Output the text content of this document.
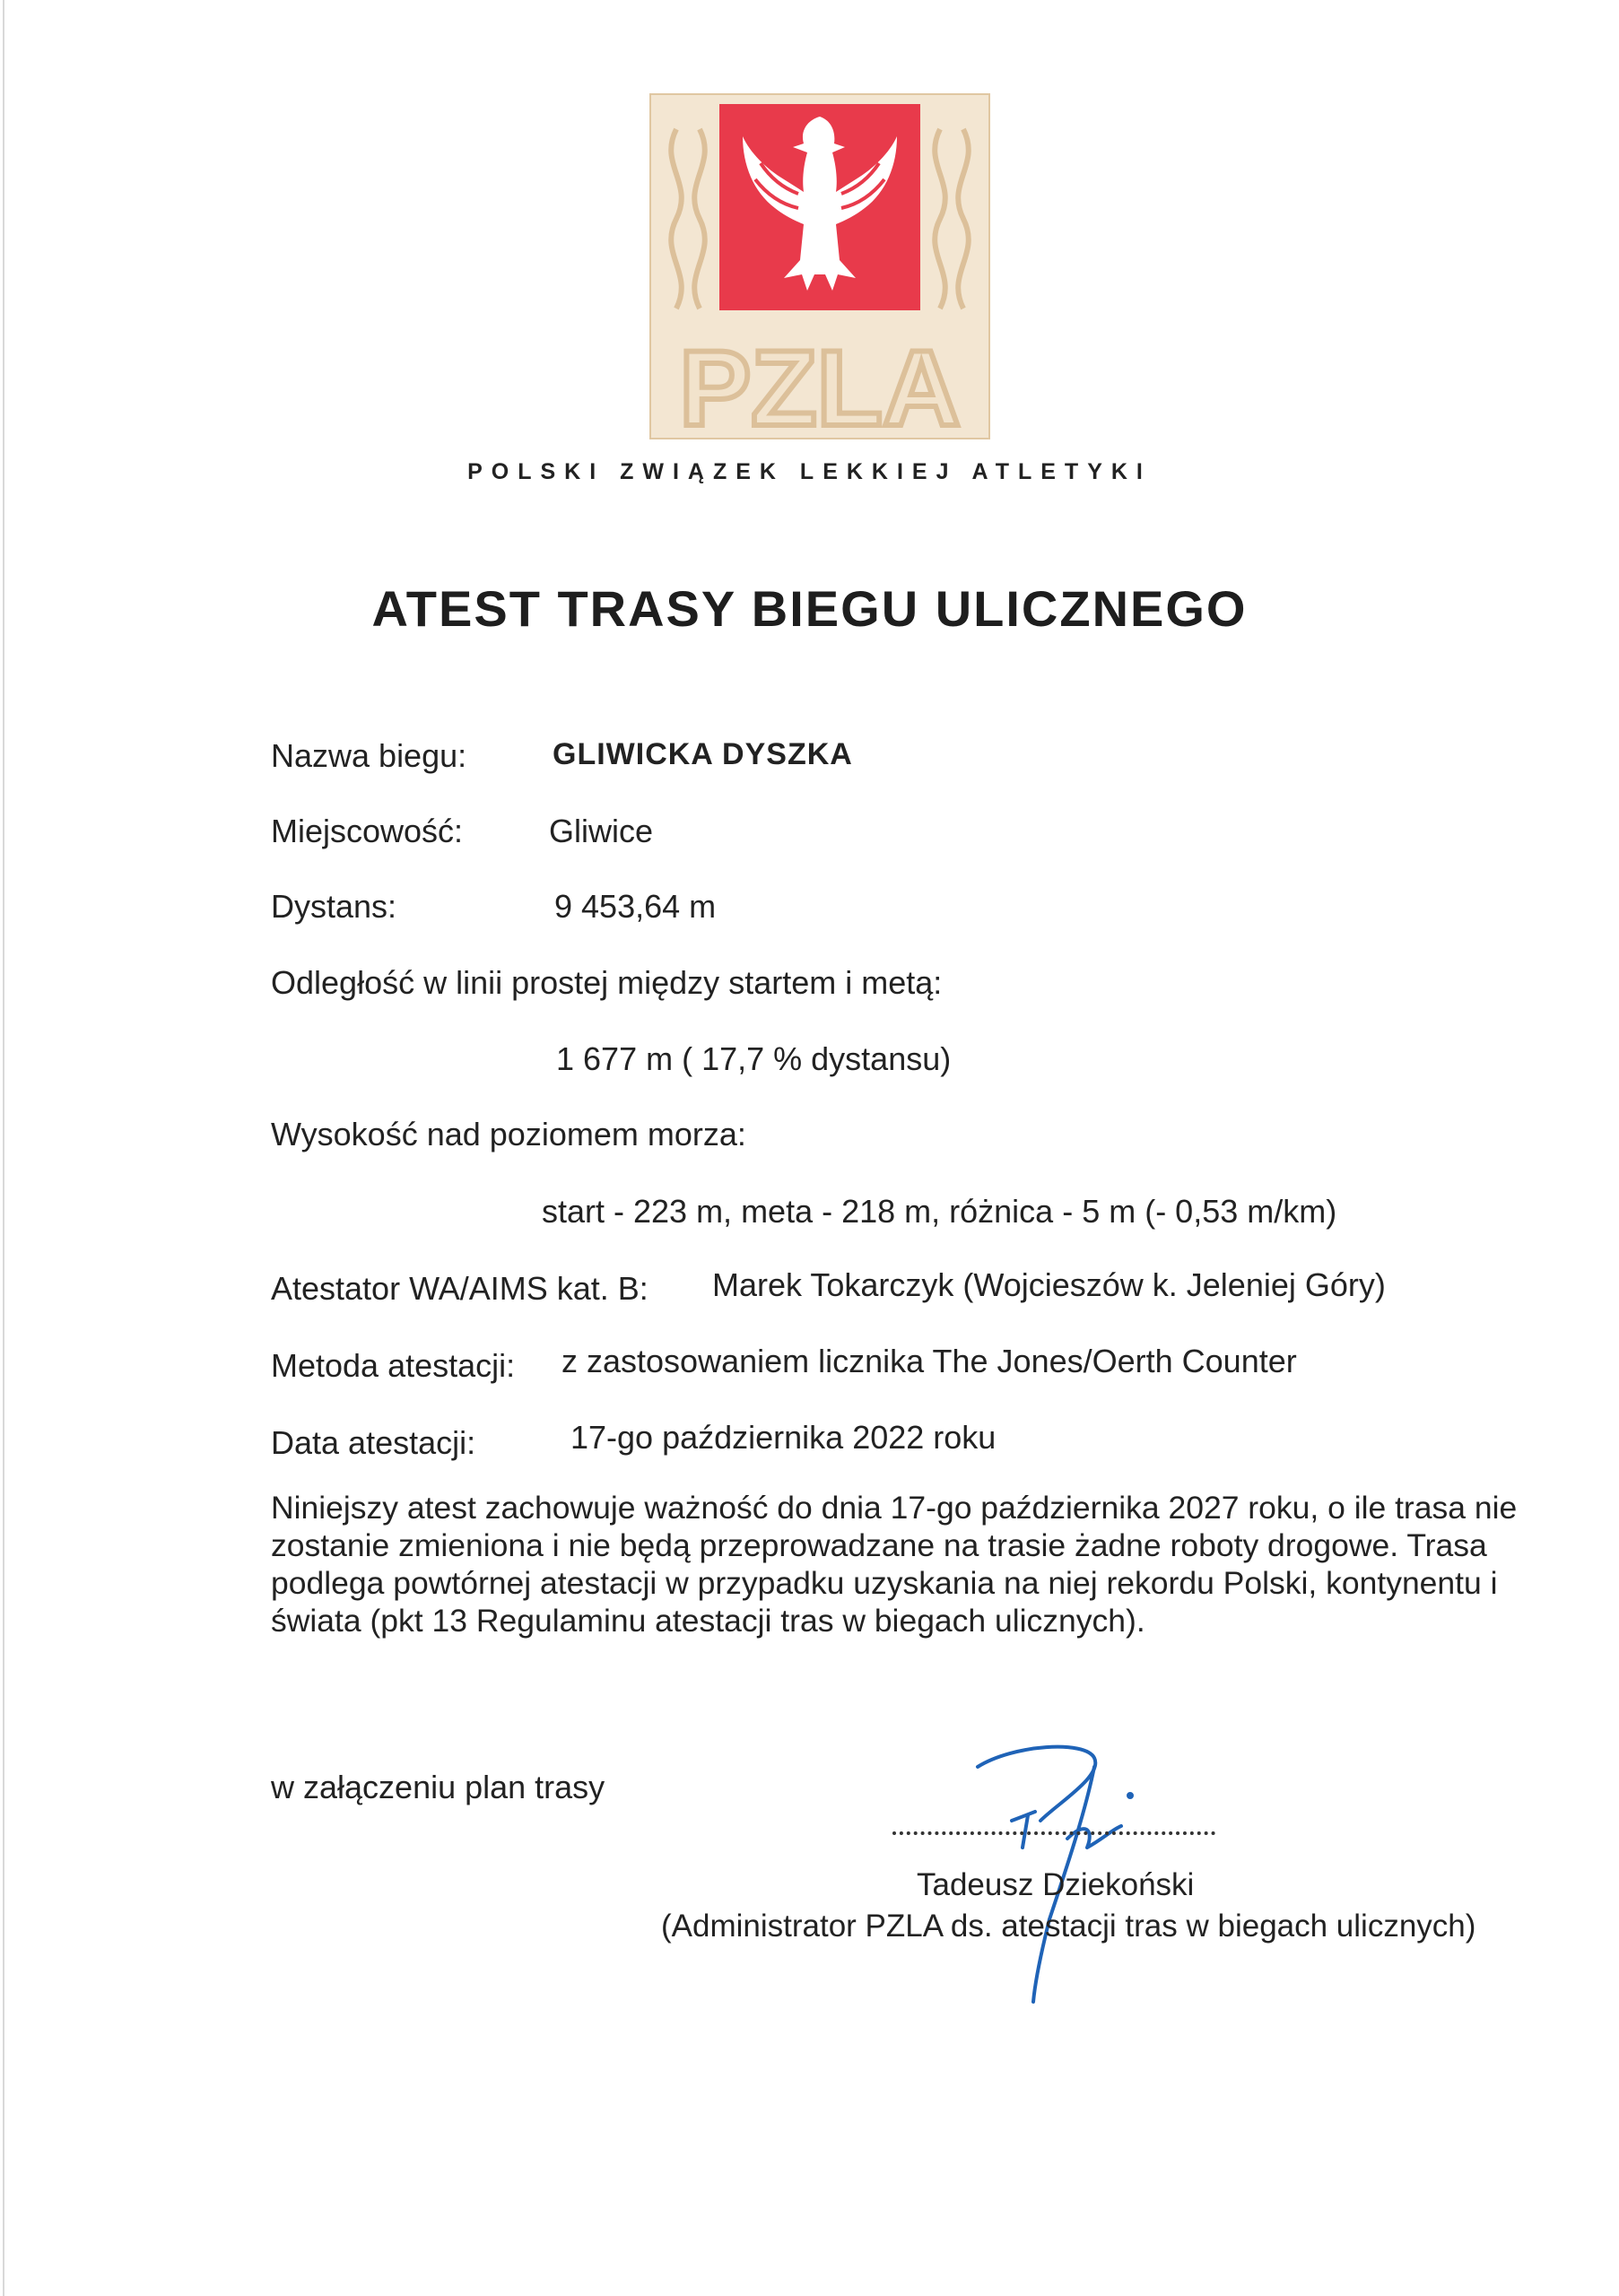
PZLA
POLSKI ZWIĄZEK LEKKIEJ ATLETYKI
ATEST TRASY BIEGU ULICZNEGO
Nazwa biegu:	GLIWICKA DYSZKA
Miejscowość:	Gliwice
Dystans:	9 453,64 m
Odległość w linii prostej między startem i metą:
1 677 m ( 17,7 % dystansu)
Wysokość nad poziomem morza:
start - 223 m, meta - 218 m, różnica - 5 m (- 0,53 m/km)
Atestator WA/AIMS kat. B: Marek Tokarczyk (Wojcieszów k. Jeleniej Góry)
Metoda atestacji: z zastosowaniem licznika The Jones/Oerth Counter
Data atestacji:	17-go października 2022 roku
Niniejszy atest zachowuje ważność do dnia 17-go października 2027 roku, o ile trasa nie zostanie zmieniona i nie będą przeprowadzane na trasie żadne roboty drogowe. Trasa podlega powtórnej atestacji w przypadku uzyskania na niej rekordu Polski, kontynentu i świata (pkt 13 Regulaminu atestacji tras w biegach ulicznych).
w załączeniu plan trasy
Tadeusz Dziekoński
(Administrator PZLA ds. atestacji tras w biegach ulicznych)
